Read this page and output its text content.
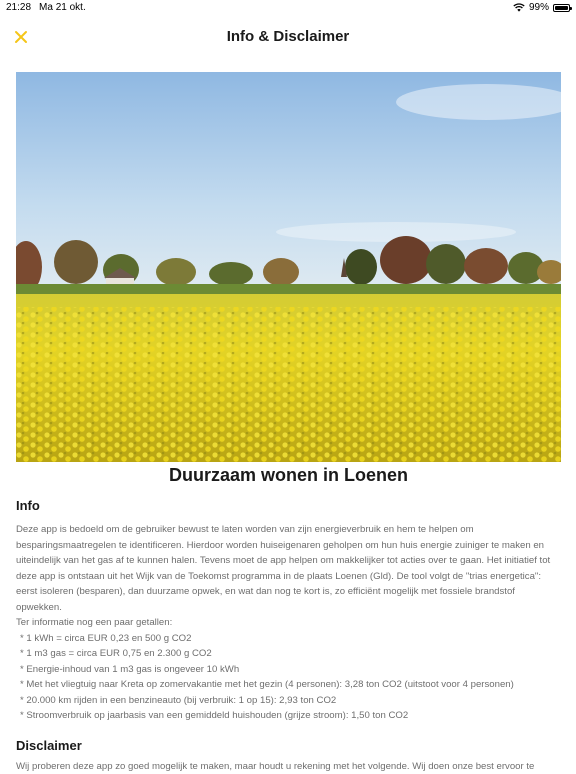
21:28 Ma 21 okt.	99%
Info & Disclaimer
Duurzaam wonen in Loenen
Info

Deze app is bedoeld om de gebruiker bewust te laten worden van zijn energieverbruik en hem te helpen om besparingsmaatregelen te identificeren. Hierdoor worden huiseigenaren geholpen om hun huis energie zuiniger te maken en uiteindelijk van het gas af te kunnen halen. Tevens moet de app helpen om makkelijker tot acties over te gaan. Het initiatief tot deze app is ontstaan uit het Wijk van de Toekomst programma in de plaats Loenen (Gld). De tool volgt de "trias energetica": eerst isoleren (besparen), dan duurzame opwek, en wat dan nog te kort is, zo efficiënt mogelijk met fossiele brandstof opwekken.

Ter informatie nog een paar getallen:

* 1 kWh = circa EUR 0,23 en 500 g CO2
* 1 m3 gas = circa EUR 0,75 en 2.300 g CO2
* Energie-inhoud van 1 m3 gas is ongeveer 10 kWh
* Met het vliegtuig naar Kreta op zomervakantie met het gezin (4 personen): 3,28 ton CO2 (uitstoot voor 4 personen)
* 20.000 km rijden in een benzineauto (bij verbruik: 1 op 15): 2,93 ton CO2
* Stroomverbruik op jaarbasis van een gemiddeld huishouden (grijze stroom): 1,50 ton CO2
Disclaimer

Wij proberen deze app zo goed mogelijk te maken, maar houdt u rekening met het volgende. Wij doen onze best ervoor te
